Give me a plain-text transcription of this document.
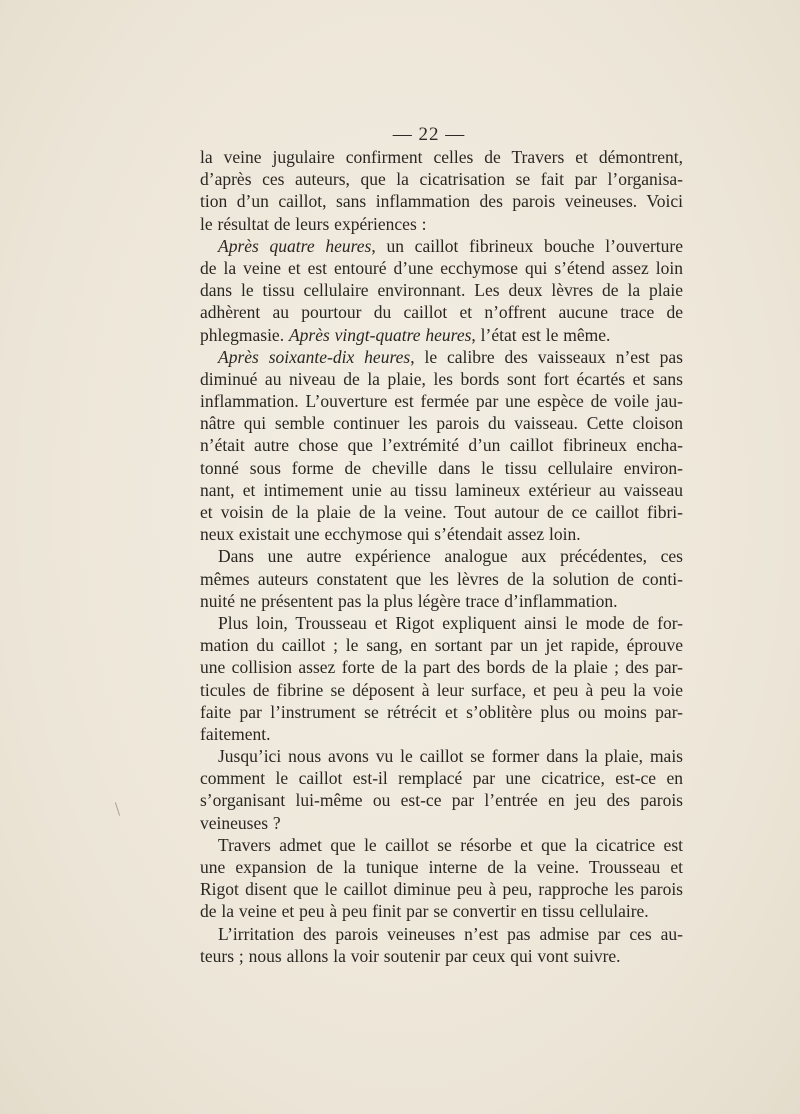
— 22 —
la veine jugulaire confirment celles de Travers et démontrent,
d’après ces auteurs, que la cicatrisation se fait par l’organisa-
tion d’un caillot, sans inflammation des parois veineuses. Voici
le résultat de leurs expériences :
Après quatre heures, un caillot fibrineux bouche l’ouverture
de la veine et est entouré d’une ecchymose qui s’étend assez loin
dans le tissu cellulaire environnant. Les deux lèvres de la plaie
adhèrent au pourtour du caillot et n’offrent aucune trace de
phlegmasie. Après vingt-quatre heures, l’état est le même.
Après soixante-dix heures, le calibre des vaisseaux n’est pas
diminué au niveau de la plaie, les bords sont fort écartés et sans
inflammation. L’ouverture est fermée par une espèce de voile jau-
nâtre qui semble continuer les parois du vaisseau. Cette cloison
n’était autre chose que l’extrémité d’un caillot fibrineux encha-
tonné sous forme de cheville dans le tissu cellulaire environ-
nant, et intimement unie au tissu lamineux extérieur au vaisseau
et voisin de la plaie de la veine. Tout autour de ce caillot fibri-
neux existait une ecchymose qui s’étendait assez loin.
Dans une autre expérience analogue aux précédentes, ces
mêmes auteurs constatent que les lèvres de la solution de conti-
nuité ne présentent pas la plus légère trace d’inflammation.
Plus loin, Trousseau et Rigot expliquent ainsi le mode de for-
mation du caillot ; le sang, en sortant par un jet rapide, éprouve
une collision assez forte de la part des bords de la plaie ; des par-
ticules de fibrine se déposent à leur surface, et peu à peu la voie
faite par l’instrument se rétrécit et s’oblitère plus ou moins par-
faitement.
Jusqu’ici nous avons vu le caillot se former dans la plaie, mais
comment le caillot est-il remplacé par une cicatrice, est-ce en
s’organisant lui-même ou est-ce par l’entrée en jeu des parois
veineuses ?
Travers admet que le caillot se résorbe et que la cicatrice est
une expansion de la tunique interne de la veine. Trousseau et
Rigot disent que le caillot diminue peu à peu, rapproche les parois
de la veine et peu à peu finit par se convertir en tissu cellulaire.
L’irritation des parois veineuses n’est pas admise par ces au-
teurs ; nous allons la voir soutenir par ceux qui vont suivre.
